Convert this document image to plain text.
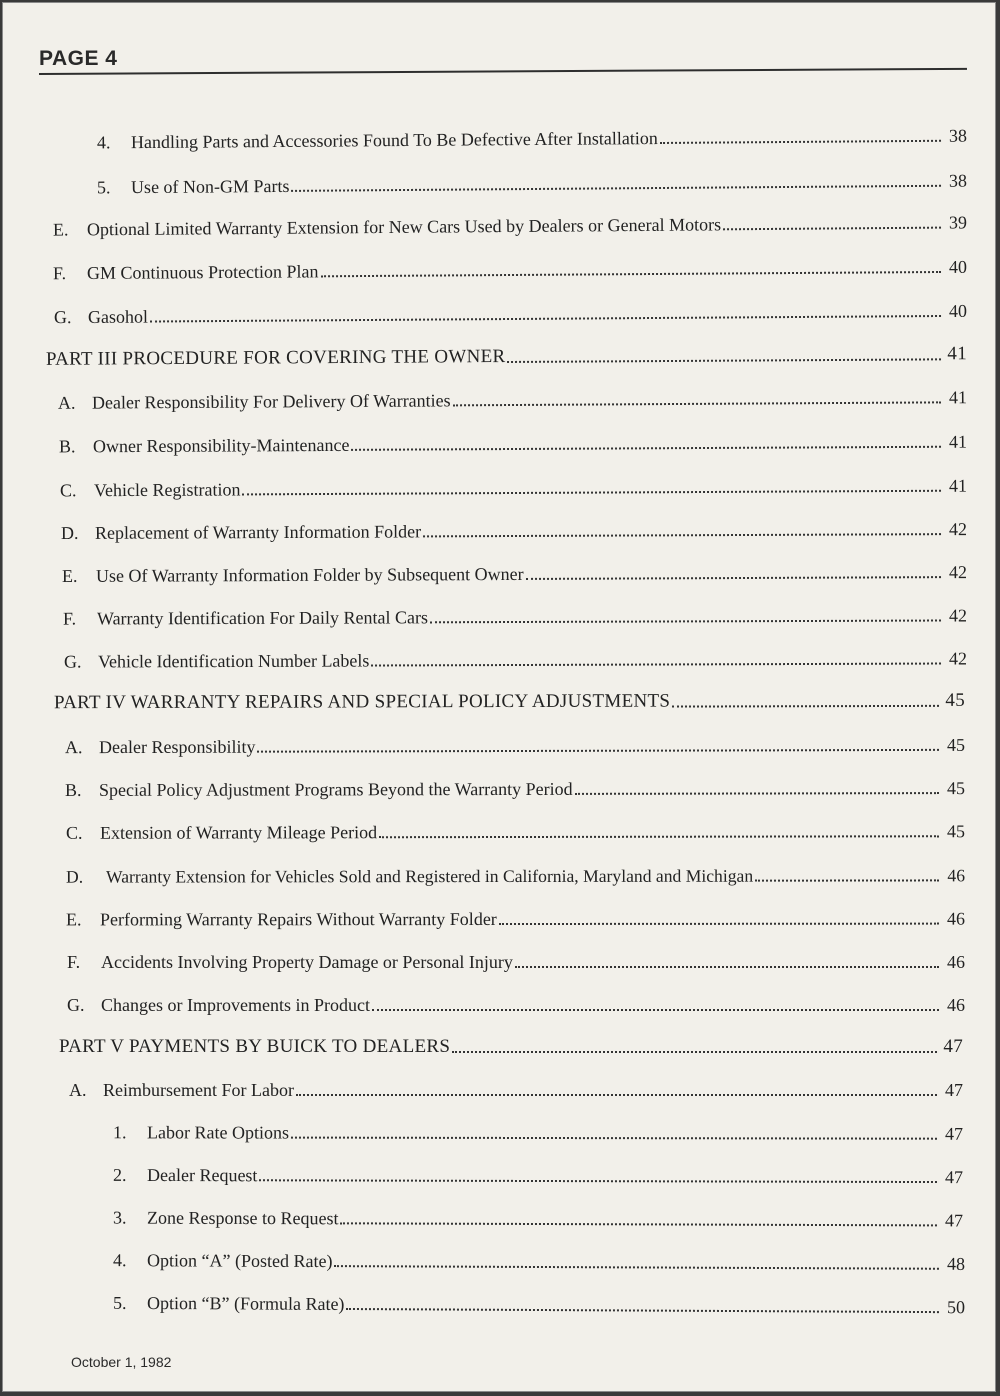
PAGE 4
4.	Handling Parts and Accessories Found To Be Defective After Installation	38
5.	Use of Non-GM Parts	38
E.	Optional Limited Warranty Extension for New Cars Used by Dealers or General Motors	39
F.	GM Continuous Protection Plan	40
G. Gasohol	40
PART III PROCEDURE FOR COVERING THE OWNER	41
A. Dealer Responsibility For Delivery Of Warranties	41
B. Owner Responsibility-Maintenance	41
C. Vehicle Registration	41
D. Replacement of Warranty Information Folder	42
E.	Use Of Warranty Information Folder by Subsequent Owner	42
F.	Warranty Identification For Daily Rental Cars	42
G. Vehicle Identification Number Labels	42
PART IV WARRANTY REPAIRS AND SPECIAL POLICY ADJUSTMENTS	45
A. Dealer Responsibility	45
B. Special Policy Adjustment Programs Beyond the Warranty Period	45
C. Extension of Warranty Mileage Period	45
D.	Warranty Extension for Vehicles Sold and Registered in California, Maryland and Michigan	46
E.	Performing Warranty Repairs Without Warranty Folder	46
F.	Accidents Involving Property Damage or Personal Injury	46
G. Changes or Improvements in Product	46
PART V PAYMENTS BY BUICK TO DEALERS	47
A. Reimbursement For Labor	47
1.	Labor Rate Options	47
2.	Dealer Request	47
3.	Zone Response to Request	47
4.	Option “A” (Posted Rate)	48
5.	Option “B” (Formula Rate)	50
October 1, 1982
